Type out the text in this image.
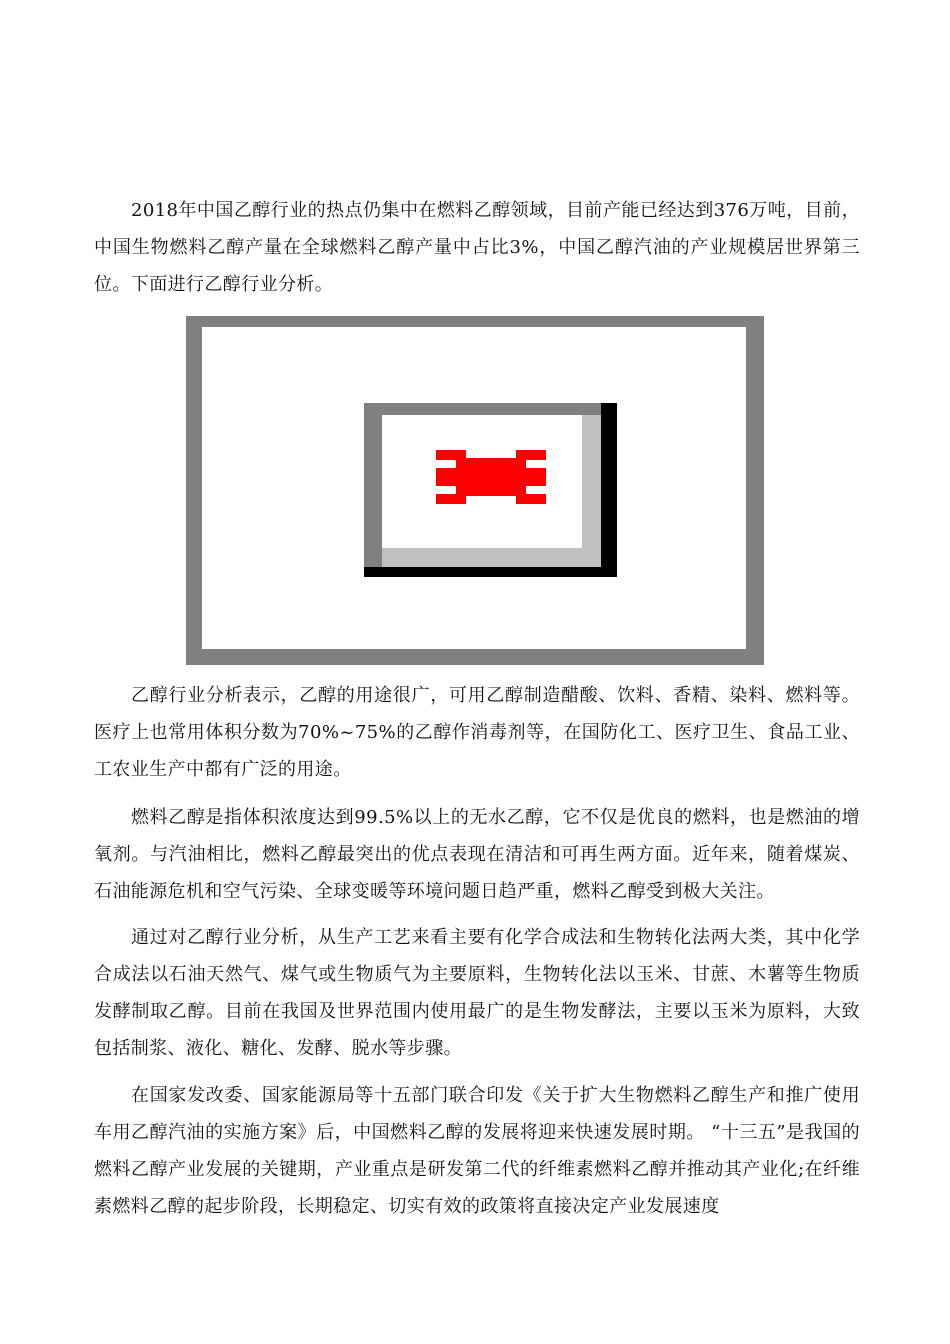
2018年中国乙醇行业的热点仍集中在燃料乙醇领域，目前产能已经达到376万吨，目前，中国生物燃料乙醇产量在全球燃料乙醇产量中占比3%，中国乙醇汽油的产业规模居世界第三位。下面进行乙醇行业分析。

乙醇行业分析表示，乙醇的用途很广，可用乙醇制造醋酸、饮料、香精、染料、燃料等。医疗上也常用体积分数为70%~75%的乙醇作消毒剂等，在国防化工、医疗卫生、食品工业、工农业生产中都有广泛的用途。

燃料乙醇是指体积浓度达到99.5%以上的无水乙醇，它不仅是优良的燃料，也是燃油的增氧剂。与汽油相比，燃料乙醇最突出的优点表现在清洁和可再生两方面。近年来，随着煤炭、石油能源危机和空气污染、全球变暖等环境问题日趋严重，燃料乙醇受到极大关注。

通过对乙醇行业分析，从生产工艺来看主要有化学合成法和生物转化法两大类，其中化学合成法以石油天然气、煤气或生物质气为主要原料，生物转化法以玉米、甘蔗、木薯等生物质发酵制取乙醇。目前在我国及世界范围内使用最广的是生物发酵法，主要以玉米为原料，大致包括制浆、液化、糖化、发酵、脱水等步骤。

在国家发改委、国家能源局等十五部门联合印发《关于扩大生物燃料乙醇生产和推广使用车用乙醇汽油的实施方案》后，中国燃料乙醇的发展将迎来快速发展时期。 “十三五”是我国的燃料乙醇产业发展的关键期，产业重点是研发第二代的纤维素燃料乙醇并推动其产业化;在纤维素燃料乙醇的起步阶段，长期稳定、切实有效的政策将直接决定产业发展速度
